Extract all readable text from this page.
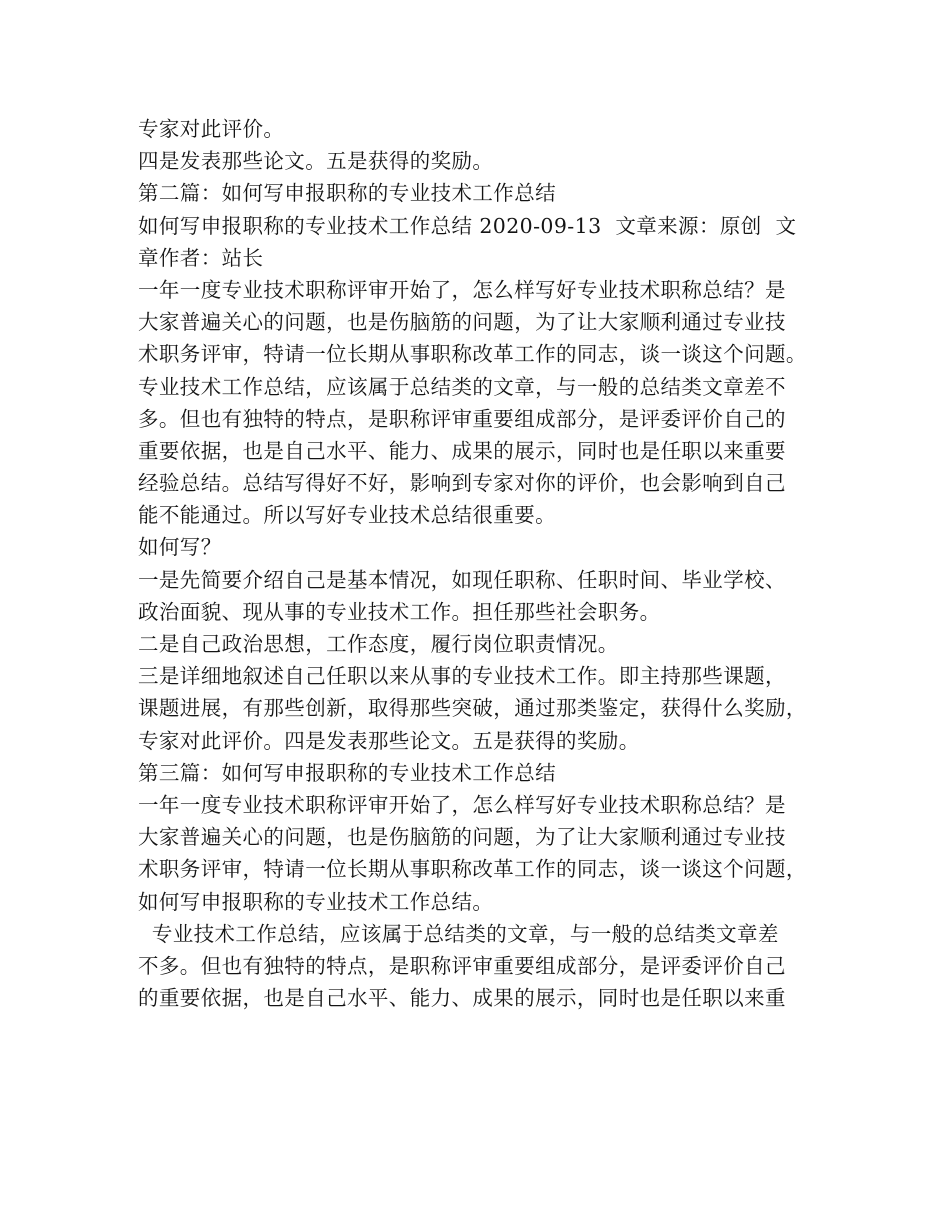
专家对此评价。
四是发表那些论文。五是获得的奖励。
第二篇：如何写申报职称的专业技术工作总结
如何写申报职称的专业技术工作总结 2020-09-13  文章来源：原创  文
章作者：站长
一年一度专业技术职称评审开始了，怎么样写好专业技术职称总结？是
大家普遍关心的问题，也是伤脑筋的问题，为了让大家顺利通过专业技
术职务评审，特请一位长期从事职称改革工作的同志，谈一谈这个问题。
专业技术工作总结，应该属于总结类的文章，与一般的总结类文章差不
多。但也有独特的特点，是职称评审重要组成部分，是评委评价自己的
重要依据，也是自己水平、能力、成果的展示，同时也是任职以来重要
经验总结。总结写得好不好，影响到专家对你的评价，也会影响到自己
能不能通过。所以写好专业技术总结很重要。
如何写？
一是先简要介绍自己是基本情况，如现任职称、任职时间、毕业学校、
政治面貌、现从事的专业技术工作。担任那些社会职务。
二是自己政治思想，工作态度，履行岗位职责情况。
三是详细地叙述自己任职以来从事的专业技术工作。即主持那些课题，
课题进展，有那些创新，取得那些突破，通过那类鉴定，获得什么奖励，
专家对此评价。四是发表那些论文。五是获得的奖励。
第三篇：如何写申报职称的专业技术工作总结
一年一度专业技术职称评审开始了，怎么样写好专业技术职称总结？是
大家普遍关心的问题，也是伤脑筋的问题，为了让大家顺利通过专业技
术职务评审，特请一位长期从事职称改革工作的同志，谈一谈这个问题，
如何写申报职称的专业技术工作总结。
专业技术工作总结，应该属于总结类的文章，与一般的总结类文章差
不多。但也有独特的特点，是职称评审重要组成部分，是评委评价自己
的重要依据，也是自己水平、能力、成果的展示，同时也是任职以来重
